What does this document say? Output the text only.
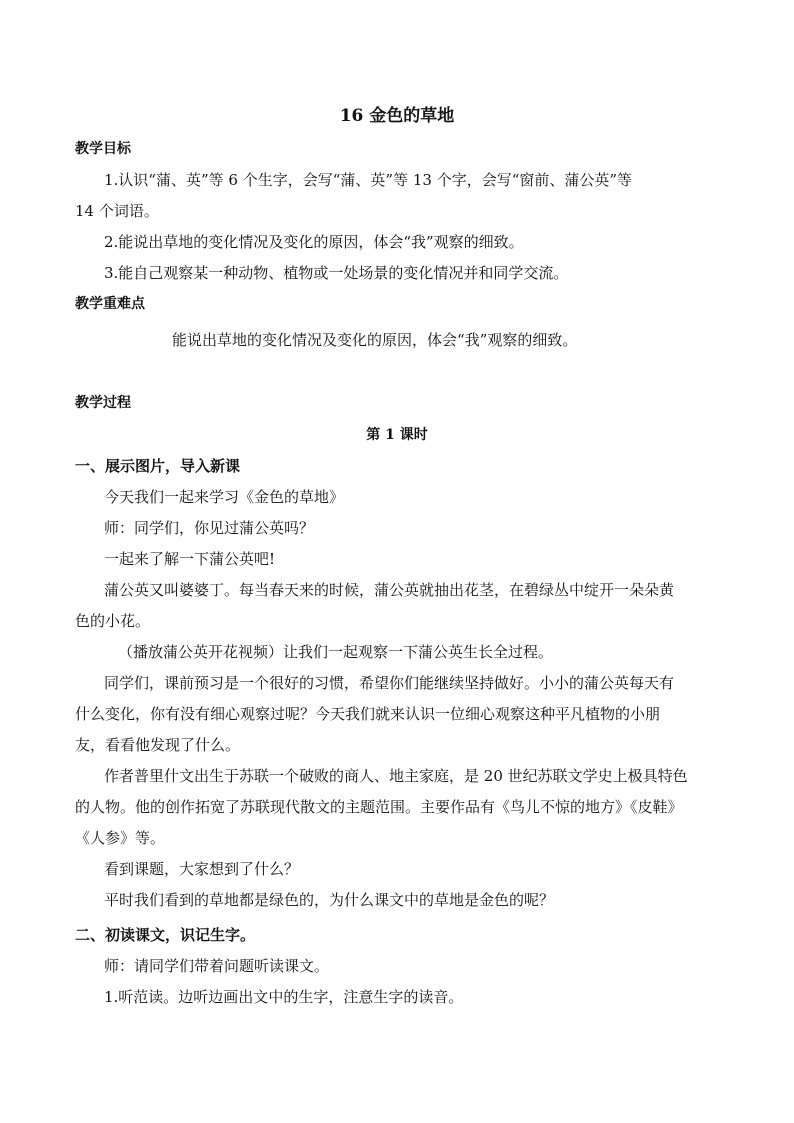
16 金色的草地
教学目标
1.认识“蒲、英”等 6 个生字，会写“蒲、英”等 13 个字，会写“窗前、蒲公英”等
14 个词语。
2.能说出草地的变化情况及变化的原因，体会“我”观察的细致。
3.能自己观察某一种动物、植物或一处场景的变化情况并和同学交流。
教学重难点
能说出草地的变化情况及变化的原因，体会“我”观察的细致。
教学过程
第 1 课时
一、展示图片，导入新课
今天我们一起来学习《金色的草地》
师：同学们，你见过蒲公英吗？
一起来了解一下蒲公英吧!
蒲公英又叫婆婆丁。每当春天来的时候，蒲公英就抽出花茎，在碧绿丛中绽开一朵朵黄
色的小花。
（播放蒲公英开花视频）让我们一起观察一下蒲公英生长全过程。
同学们，课前预习是一个很好的习惯，希望你们能继续坚持做好。小小的蒲公英每天有
什么变化，你有没有细心观察过呢？今天我们就来认识一位细心观察这种平凡植物的小朋
友，看看他发现了什么。
作者普里什文出生于苏联一个破败的商人、地主家庭，是 20 世纪苏联文学史上极具特色
的人物。他的创作拓宽了苏联现代散文的主题范围。主要作品有《鸟儿不惊的地方》《皮鞋》
《人参》等。
看到课题，大家想到了什么？
平时我们看到的草地都是绿色的，为什么课文中的草地是金色的呢？
二、初读课文，识记生字。
师：请同学们带着问题听读课文。
1.听范读。边听边画出文中的生字，注意生字的读音。
